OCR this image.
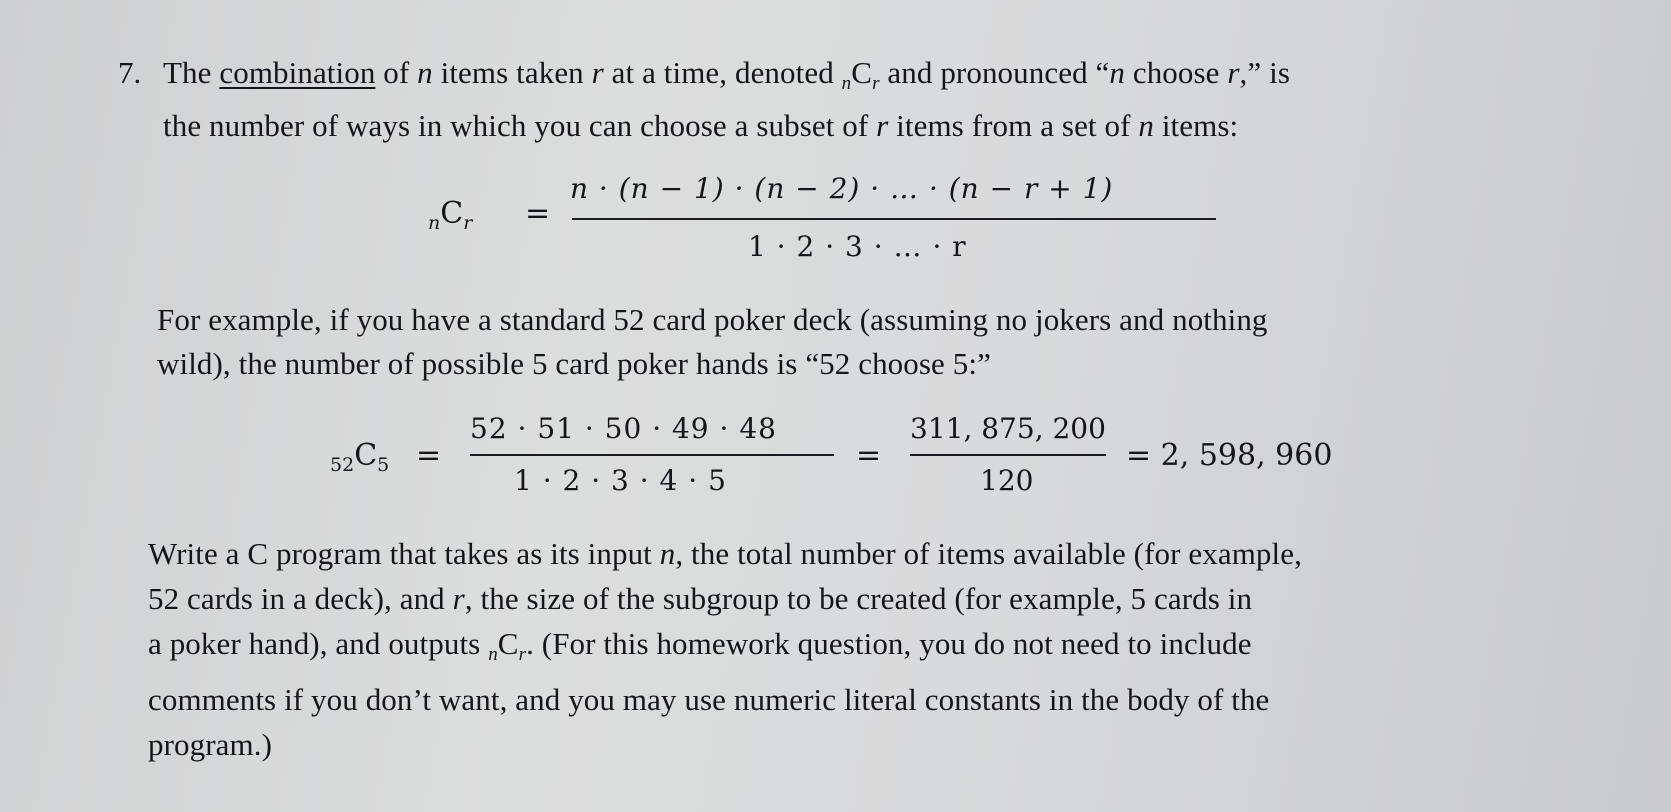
7. The combination of n items taken r at a time, denoted $nC_r$ and pronounced “n choose r,” is
the number of ways in which you can choose a subset of r items from a set of n items:
$_nC_r$ =
n · (n − 1) · (n − 2) · … · (n − r + 1)
1 · 2 · 3 · … · r
For example, if you have a standard 52 card poker deck (assuming no jokers and nothing
wild), the number of possible 5 card poker hands is “52 choose 5:”
$_{52}C_5$ =
52 · 51 · 50 · 49 · 48
1 · 2 · 3 · 4 · 5
=
311, 875, 200
120
= 2, 598, 960
Write a C program that takes as its input n, the total number of items available (for example,
52 cards in a deck), and r, the size of the subgroup to be created (for example, 5 cards in
a poker hand), and outputs $nC_r$. (For this homework question, you do not need to include
comments if you don’t want, and you may use numeric literal constants in the body of the
program.)
